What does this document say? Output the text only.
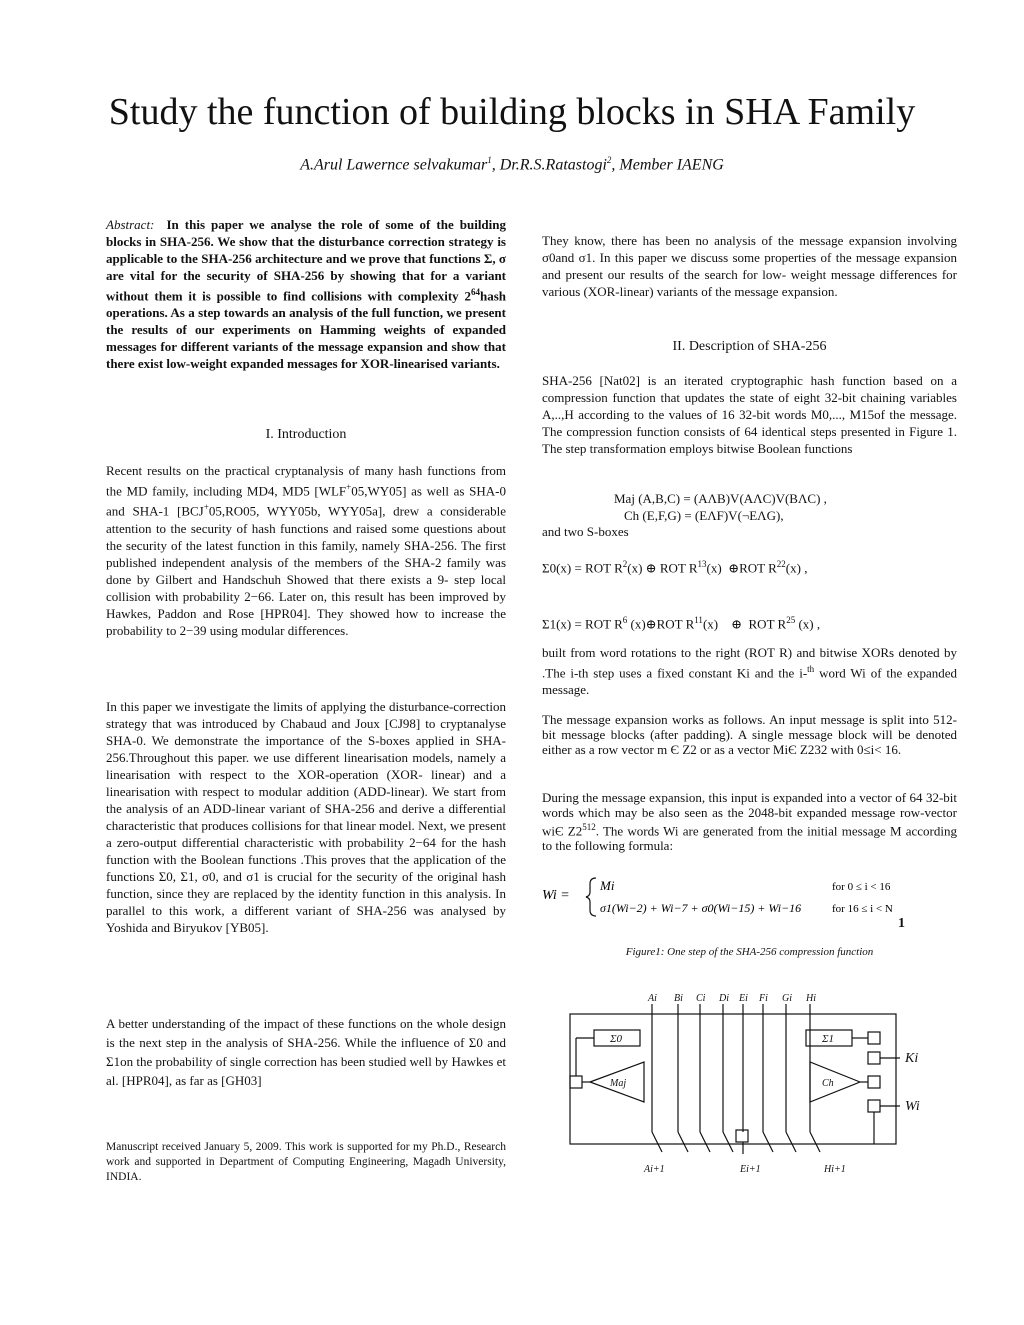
Study the function of building blocks in SHA Family
A.Arul Lawernce selvakumar$^1$, Dr.R.S.Ratastogi$^2$, Member IAENG

Abstract: In this paper we analyse the role of some of the building blocks in SHA-256. We show that the disturbance correction strategy is applicable to the SHA-256 architecture and we prove that functions Σ, σ are vital for the security of SHA-256 by showing that for a variant without them it is possible to find collisions with complexity $2^{64}hash$ operations. As a step towards an analysis of the full function, we present the results of our experiments on Hamming weights of expanded messages for different variants of the message expansion and show that there exist low-weight expanded messages for XOR-linearised variants.

I. Introduction

Recent results on the practical cryptanalysis of many hash functions from the MD family, including MD4, MD5 [WLF+05,WY05] as well as SHA-0 and SHA-1 [BCJ+05,RO05, WYY05b, WYY05a], drew a considerable attention to the security of hash functions and raised some questions about the security of the latest function in this family, namely SHA-256. The first published independent analysis of the members of the SHA-2 family was done by Gilbert and Handschuh Showed that there exists a 9- step local collision with probability 2−66. Later on, this result has been improved by Hawkes, Paddon and Rose [HPR04]. They showed how to increase the probability to 2−39 using modular differences.

In this paper we investigate the limits of applying the disturbance-correction strategy that was introduced by Chabaud and Joux [CJ98] to cryptanalyse SHA-0. We demonstrate the importance of the S-boxes applied in SHA-256.Throughout this paper. we use different linearisation models, namely a linearisation with respect to the XOR-operation (XOR- linear) and a linearisation with respect to modular addition (ADD-linear). We start from the analysis of an ADD-linear variant of SHA-256 and derive a differential characteristic that produces collisions for that linear model. Next, we present a zero-output differential characteristic with probability 2−64 for the hash function with the Boolean functions .This proves that the application of the functions Σ0, Σ1, σ0, and σ1 is crucial for the security of the original hash function, since they are replaced by the identity function in this analysis. In parallel to this work, a different variant of SHA-256 was analysed by Yoshida and Biryukov [YB05].
A better understanding of the impact of these functions on the whole design is the next step in the analysis of SHA-256. While the influence of Σ0 and Σ1on the probability of single correction has been studied well by Hawkes et al. [HPR04], as far as [GH03]
Manuscript received January 5, 2009. This work is supported for my Ph.D., Research work and supported in Department of Computing Engineering, Magadh University, INDIA.
They know, there has been no analysis of the message expansion involving σ0and σ1. In this paper we discuss some properties of the message expansion and present our results of the search for low- weight message differences for various (XOR-linear) variants of the message expansion.
II. Description of SHA-256
SHA-256 [Nat02] is an iterated cryptographic hash function based on a compression function that updates the state of eight 32-bit chaining variables A,..,H according to the values of 16 32-bit words M0,..., M15of the message. The compression function consists of 64 identical steps presented in Figure 1. The step transformation employs bitwise Boolean functions
Maj (A,B,C) = (AΛB)V(AΛC)V(BΛC) ,
Ch (E,F,G) = (EΛF)V(¬EΛG),
and two S-boxes
Σ0(x) = ROT $R^2(x)$ ⊕ ROT $R^{13}(x)$ ⊕ROT $R^{22}(x)$ ,
Σ1(x) = ROT $R^6$ (x)⊕ROT $R^{11}(x)$ ⊕ ROT $R^{25}$ (x) ,
built from word rotations to the right (ROT R) and bitwise XORs denoted by .The i-th step uses a fixed constant Ki and the i-$^{th}$ word Wi of the expanded message.
The message expansion works as follows. An input message is split into 512-bit message blocks (after padding). A single message block will be denoted either as a row vector m Є Z2 or as a vector MiЄ Z232 with 0≤i< 16.
During the message expansion, this input is expanded into a vector of 64 32-bit words which may be also seen as the 2048-bit expanded message row-vector wiЄ $Z2^{512}$. The words Wi are generated from the initial message M according to the following formula:
Wi =
Mi
σ1(Wi−2) + Wi−7 + σ0(Wi−15) + Wi−16
for 0 ≤ i < 16
for 16 ≤ i < N
1
Figure1: One step of the SHA-256 compression function
Ai Bi Ci Di Ei Fi Gi Hi
Ai+1	Ei+1	Hi+1
Σ0	Σ1
Maj	Ch
Ki
Wi
